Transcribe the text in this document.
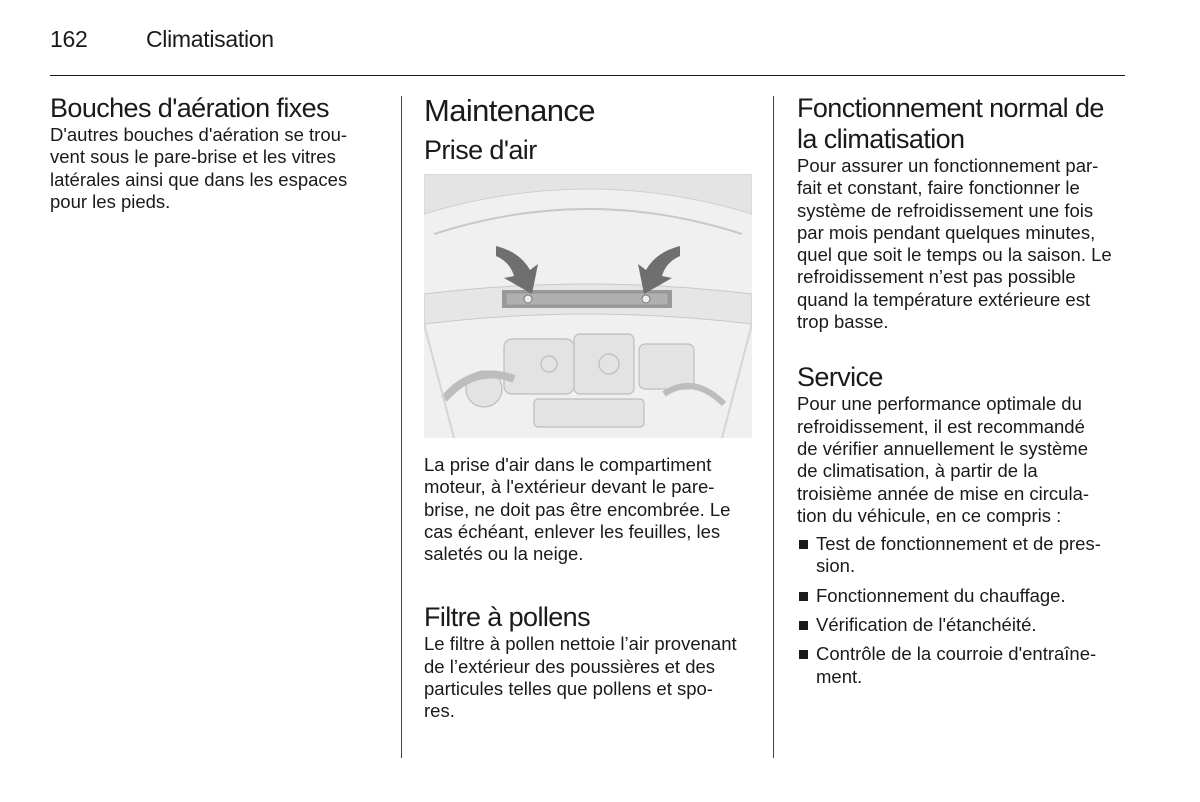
162	Climatisation
Bouches d'aération fixes

D'autres bouches d'aération se trou-
vent sous le pare-brise et les vitres
latérales ainsi que dans les espaces
pour les pieds.

Maintenance
Prise d'air

La prise d'air dans le compartiment
moteur, à l'extérieur devant le pare-
brise, ne doit pas être encombrée. Le
cas échéant, enlever les feuilles, les
saletés ou la neige.

Filtre à pollens

Le filtre à pollen nettoie l’air provenant
de l’extérieur des poussières et des
particules telles que pollens et spo-
res.

Fonctionnement normal de
la climatisation

Pour assurer un fonctionnement par-
fait et constant, faire fonctionner le
système de refroidissement une fois
par mois pendant quelques minutes,
quel que soit le temps ou la saison. Le
refroidissement n’est pas possible
quand la température extérieure est
trop basse.

Service

Pour une performance optimale du
refroidissement, il est recommandé
de vérifier annuellement le système
de climatisation, à partir de la
troisième année de mise en circula-
tion du véhicule, en ce compris :

Test de fonctionnement et de pres-
sion.
Fonctionnement du chauffage.
Vérification de l'étanchéité.
Contrôle de la courroie d'entraîne-
ment.
